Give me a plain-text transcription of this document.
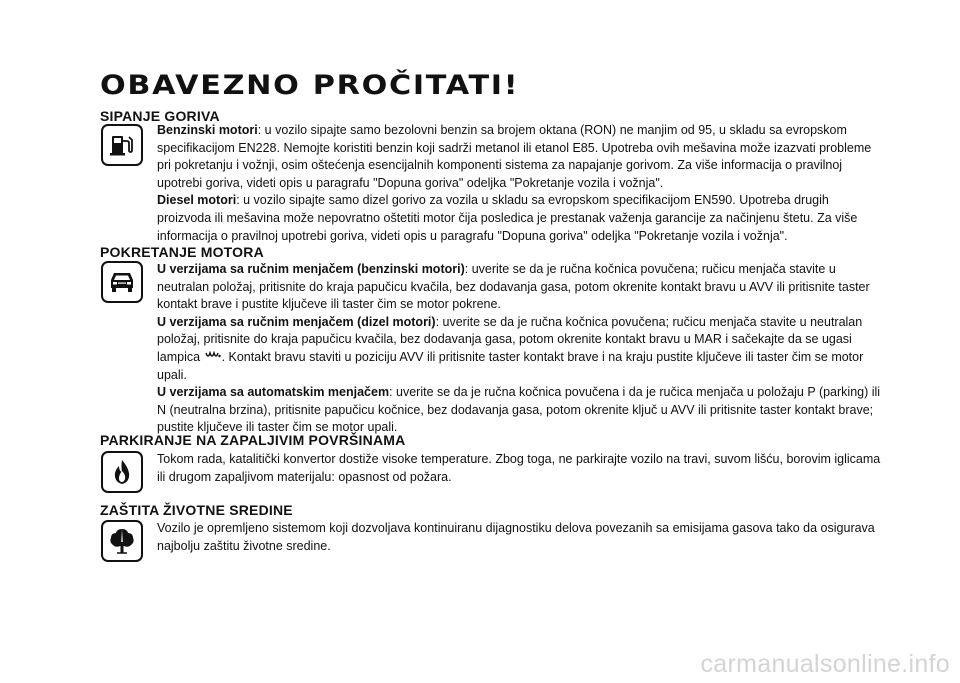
OBAVEZNO PROČITATI!
SIPANJE GORIVA

Benzinski motori: u vozilo sipajte samo bezolovni benzin sa brojem oktana (RON) ne manjim od 95, u skladu sa evropskom specifikacijom EN228. Nemojte koristiti benzin koji sadrži metanol ili etanol E85. Upotreba ovih mešavina može izazvati probleme pri pokretanju i vožnji, osim oštećenja esencijalnih komponenti sistema za napajanje gorivom. Za više informacija o pravilnoj upotrebi goriva, videti opis u paragrafu "Dopuna goriva" odeljka "Pokretanje vozila i vožnja".

Diesel motori: u vozilo sipajte samo dizel gorivo za vozila u skladu sa evropskom specifikacijom EN590. Upotreba drugih proizvoda ili mešavina može nepovratno oštetiti motor čija posledica je prestanak važenja garancije za načinjenu štetu. Za više informacija o pravilnoj upotrebi goriva, videti opis u paragrafu "Dopuna goriva" odeljka "Pokretanje vozila i vožnja".

POKRETANJE MOTORA

U verzijama sa ručnim menjačem (benzinski motori): uverite se da je ručna kočnica povučena; ručicu menjača stavite u neutralan položaj, pritisnite do kraja papučicu kvačila, bez dodavanja gasa, potom okrenite kontakt bravu u AVV ili pritisnite taster kontakt brave i pustite ključeve ili taster čim se motor pokrene.

U verzijama sa ručnim menjačem (dizel motori): uverite se da je ručna kočnica povučena; ručicu menjača stavite u neutralan položaj, pritisnite do kraja papučicu kvačila, bez dodavanja gasa, potom okrenite kontakt bravu u MAR i sačekajte da se ugasi lampica . Kontakt bravu staviti u poziciju AVV ili pritisnite taster kontakt brave i na kraju pustite ključeve ili taster čim se motor upali.

U verzijama sa automatskim menjačem: uverite se da je ručna kočnica povučena i da je ručica menjača u položaju P (parking) ili N (neutralna brzina), pritisnite papučicu kočnice, bez dodavanja gasa, potom okrenite ključ u AVV ili pritisnite taster kontakt brave; pustite ključeve ili taster čim se motor upali.

PARKIRANJE NA ZAPALJIVIM POVRŠINAMA

Tokom rada, katalitički konvertor dostiže visoke temperature. Zbog toga, ne parkirajte vozilo na travi, suvom lišću, borovim iglicama ili drugom zapaljivom materijalu: opasnost od požara.

ZAŠTITA ŽIVOTNE SREDINE

Vozilo je opremljeno sistemom koji dozvoljava kontinuiranu dijagnostiku delova povezanih sa emisijama gasova tako da osigurava najbolju zaštitu životne sredine.

carmanualsonline.info
